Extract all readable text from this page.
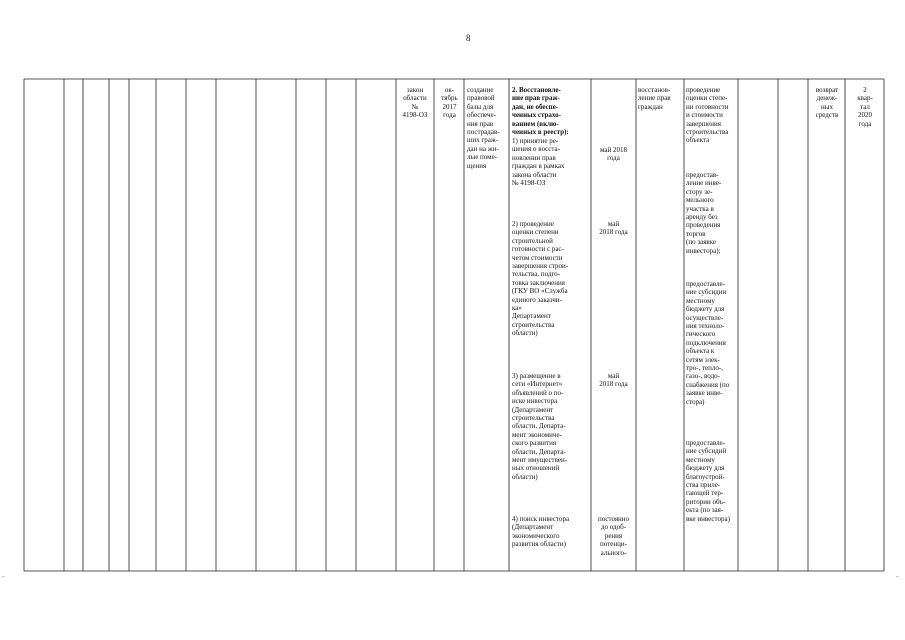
8
-	-
закон
области
№
4198-ОЗ
ок-
тябрь
2017
года
создание
правовой
базы для
обеспече-
ния прав
пострадав-
ших граж-
дан на жи-
лые поме-
щения
2. Восстановле-
ние прав граж-
дан, не обеспе-
ченных страхо-
ванием (вклю-
ченных в реестр):
1) принятие ре-
шения о восста-
новлении прав
граждан в рамках
закона области
№ 4198-ОЗ
2) проведение
оценки степени
строительной
готовности с рас-
четом стоимости
завершения строи-
тельства, подго-
товка заключения
(ГКУ ВО «Служба
единого заказчи-
ка»
Департамент
строительства
области)
3) размещение в
сети «Интернет»
объявлений о по-
иске инвестора
(Департамент
строительства
области, Департа-
мент экономиче-
ского развития
области, Департа-
мент имуществен-
ных отношений
области)
4) поиск инвестора
(Департамент
экономического
развития области)
май 2018
года
май
2018 года
май
2018 года
постоянно
до одоб-
рения
потенци-
ального-
восстанов-
ление прав
граждан
проведение
оценки степе-
ни готовности
и стоимости
завершения
строительства
объекта
предостав-
ление инве-
стору зе-
мельного
участка в
аренду без
проведения
торгов
(по заявке
инвестора);
предоставле-
ние субсидии
местному
бюджету для
осуществле-
ния техноло-
гического
подключения
объекта к
сетям элек-
тро-, тепло-,
газо-, водо-
снабжения (по
заявке инве-
стора)
предоставле-
ние субсидий
местному
бюджету для
благоустрой-
ства приле-
гающей тер-
ритории объ-
екта (по зая-
вке инвестора)
возврат
денеж-
ных
средств
2
квар-
тал
2020
года
